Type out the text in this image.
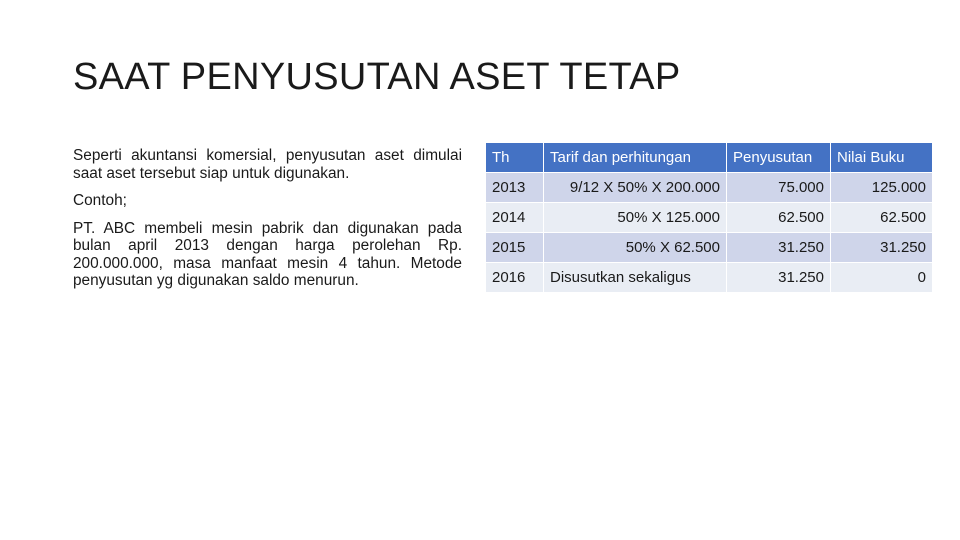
SAAT PENYUSUTAN ASET TETAP

Seperti akuntansi komersial, penyusutan aset dimulai saat aset tersebut siap untuk digunakan.

Contoh;

PT. ABC membeli mesin pabrik dan digunakan pada bulan april 2013 dengan harga perolehan Rp. 200.000.000, masa manfaat mesin 4 tahun. Metode penyusutan yg digunakan saldo menurun.

Th	Tarif dan perhitungan	Penyusutan	Nilai Buku
2013	9/12 X 50% X 200.000	75.000	125.000
2014	50% X 125.000	62.500	62.500
2015	50% X 62.500	31.250	31.250
2016	Disusutkan sekaligus	31.250	0
